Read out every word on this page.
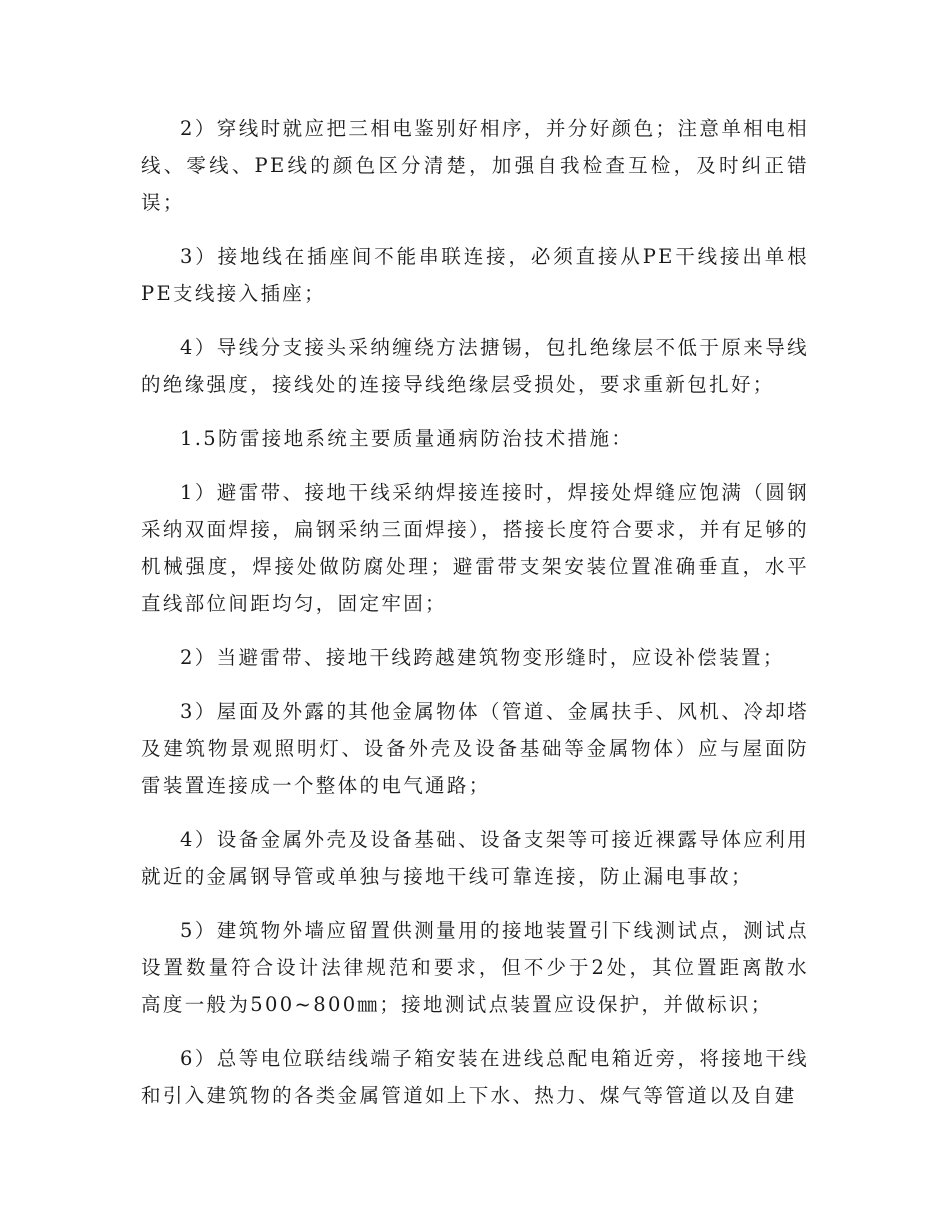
2）穿线时就应把三相电鉴别好相序，并分好颜色；注意单相电相线、零线、PE线的颜色区分清楚，加强自我检查互检，及时纠正错误；

3）接地线在插座间不能串联连接，必须直接从PE干线接出单根PE支线接入插座；

4）导线分支接头采纳缠绕方法搪锡，包扎绝缘层不低于原来导线的绝缘强度，接线处的连接导线绝缘层受损处，要求重新包扎好；

1.5防雷接地系统主要质量通病防治技术措施：

1）避雷带、接地干线采纳焊接连接时，焊接处焊缝应饱满（圆钢采纳双面焊接，扁钢采纳三面焊接），搭接长度符合要求，并有足够的机械强度，焊接处做防腐处理；避雷带支架安装位置准确垂直，水平直线部位间距均匀，固定牢固；

2）当避雷带、接地干线跨越建筑物变形缝时，应设补偿装置；

3）屋面及外露的其他金属物体（管道、金属扶手、风机、冷却塔及建筑物景观照明灯、设备外壳及设备基础等金属物体）应与屋面防雷装置连接成一个整体的电气通路；

4）设备金属外壳及设备基础、设备支架等可接近裸露导体应利用就近的金属钢导管或单独与接地干线可靠连接，防止漏电事故；

5）建筑物外墙应留置供测量用的接地装置引下线测试点，测试点设置数量符合设计法律规范和要求，但不少于2处，其位置距离散水高度一般为500~800㎜；接地测试点装置应设保护，并做标识；

6）总等电位联结线端子箱安装在进线总配电箱近旁，将接地干线和引入建筑物的各类金属管道如上下水、热力、煤气等管道以及自建
